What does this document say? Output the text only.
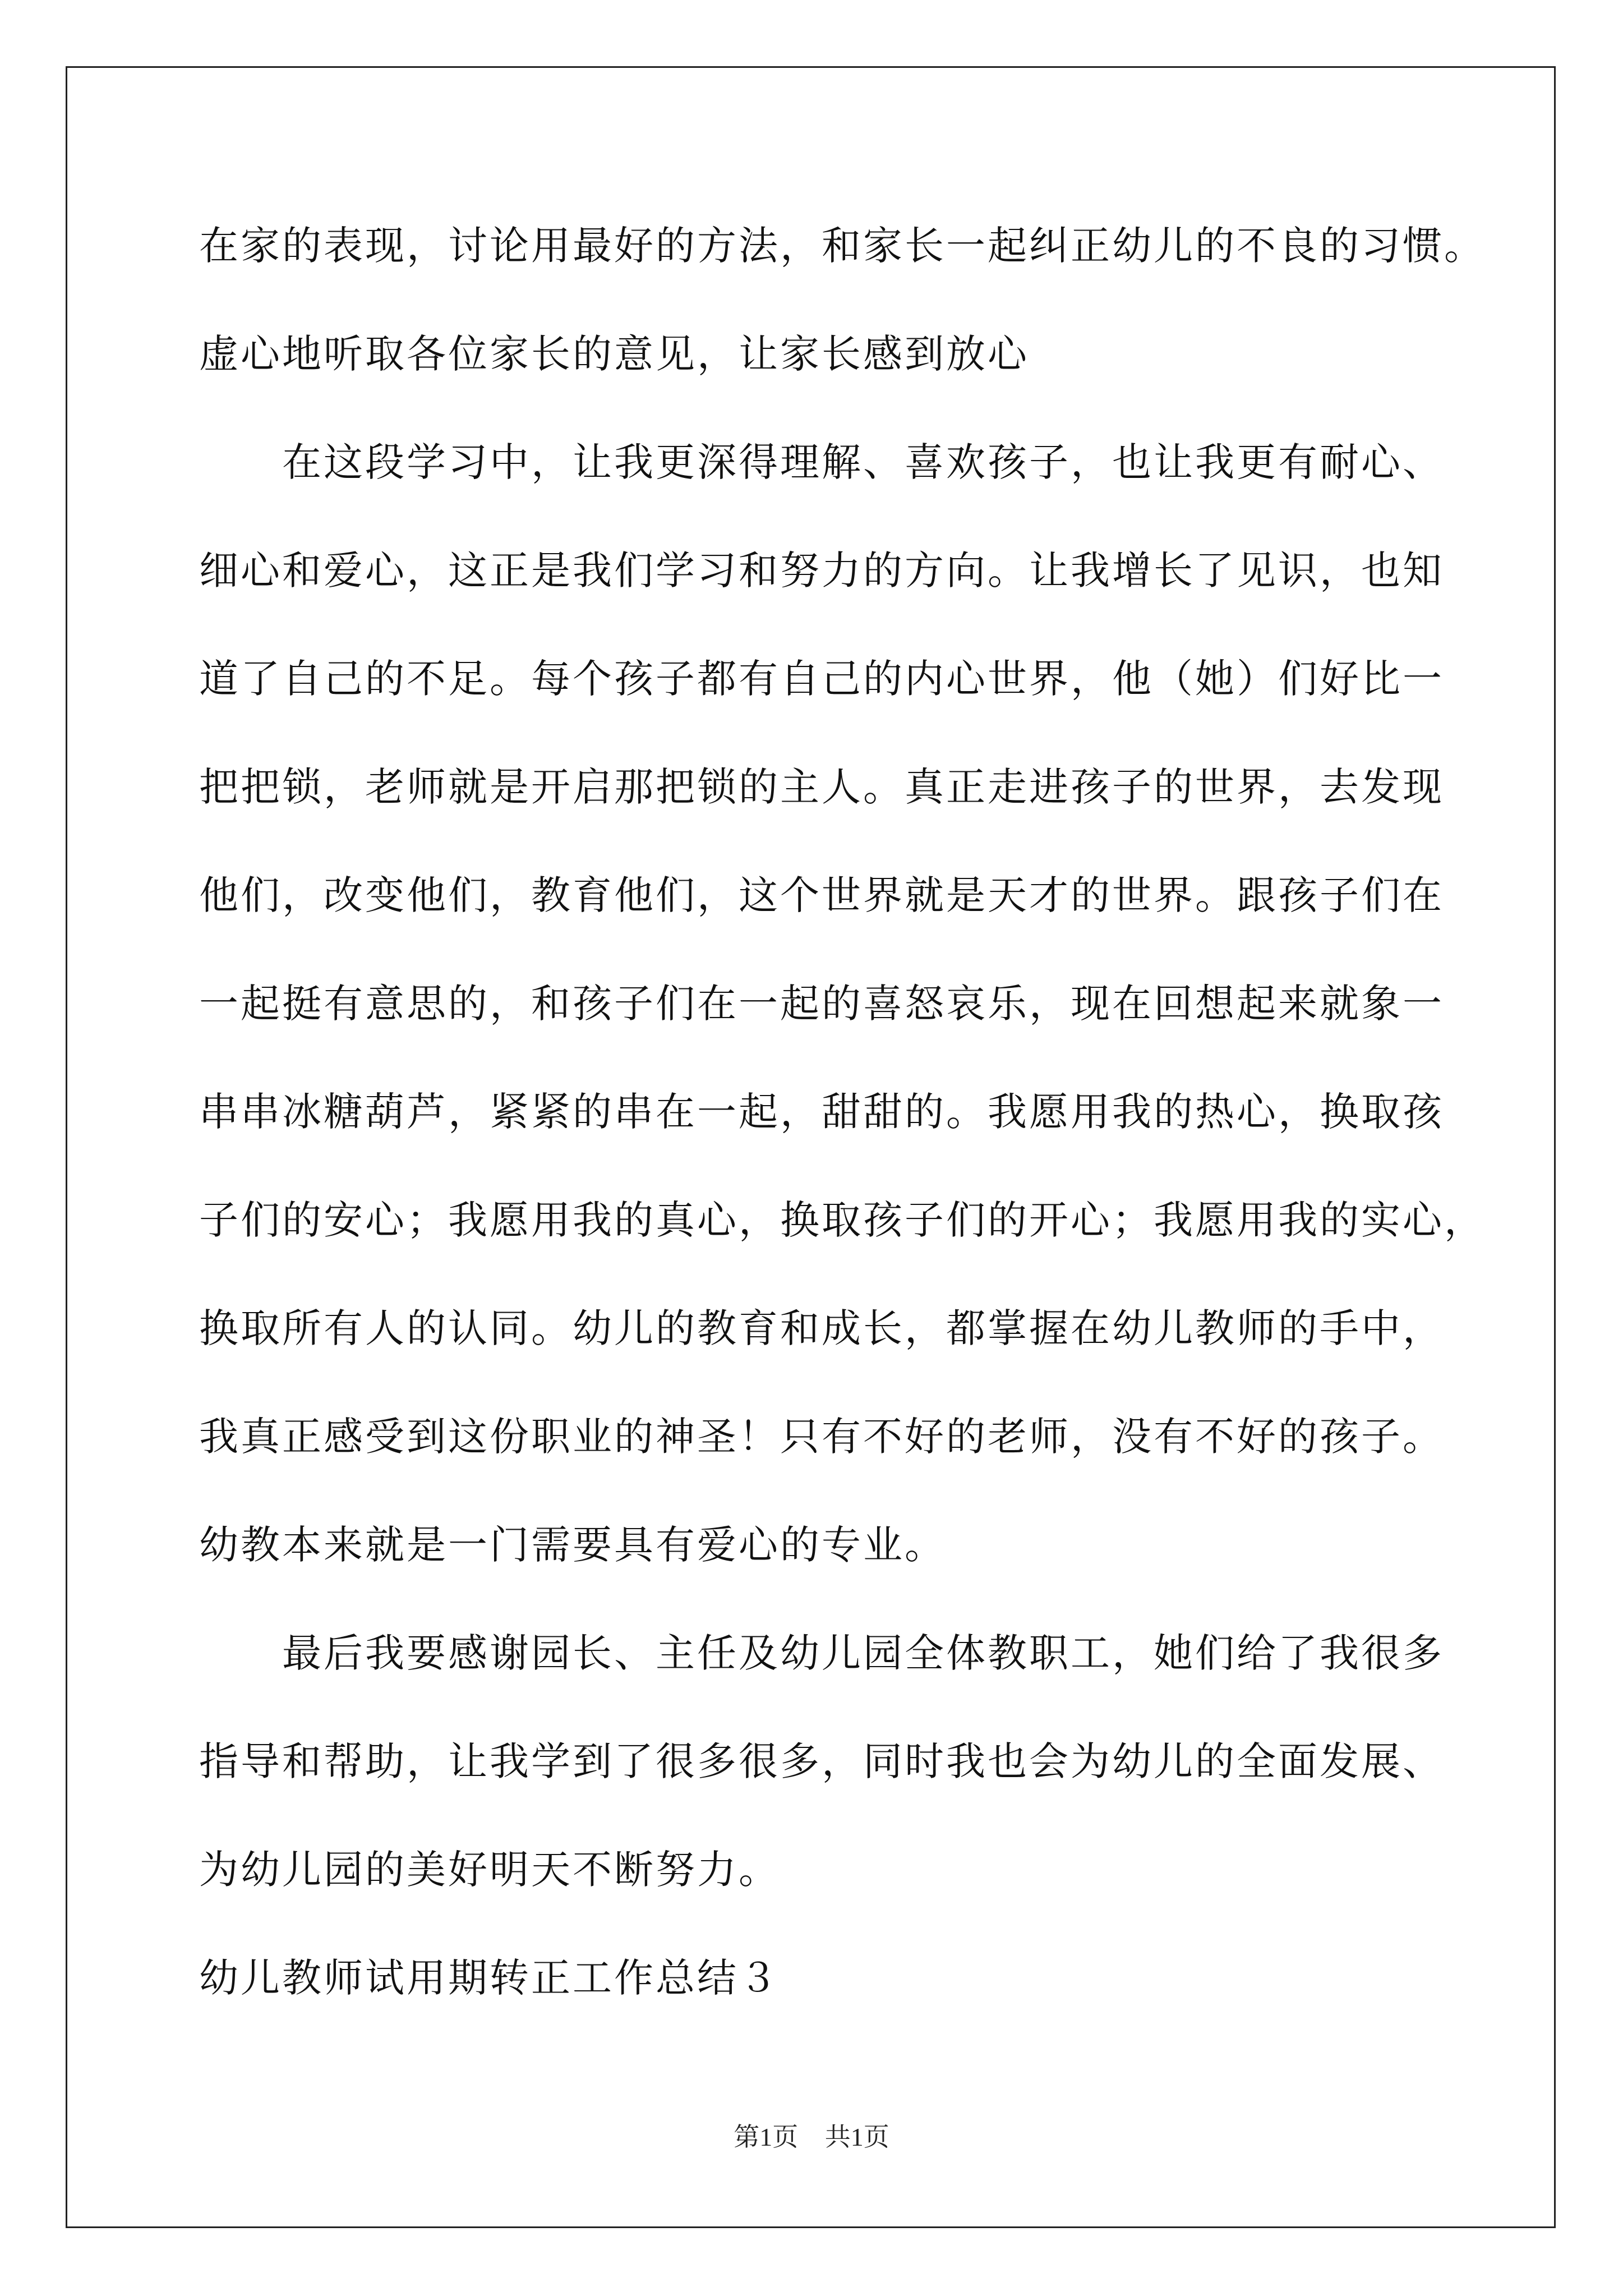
在家的表现，讨论用最好的方法，和家长一起纠正幼儿的不良的习惯。
虚心地听取各位家长的意见，让家长感到放心
　　在这段学习中，让我更深得理解、喜欢孩子，也让我更有耐心、
细心和爱心，这正是我们学习和努力的方向。让我增长了见识，也知
道了自己的不足。每个孩子都有自己的内心世界，他（她）们好比一
把把锁，老师就是开启那把锁的主人。真正走进孩子的世界，去发现
他们，改变他们，教育他们，这个世界就是天才的世界。跟孩子们在
一起挺有意思的，和孩子们在一起的喜怒哀乐，现在回想起来就象一
串串冰糖葫芦，紧紧的串在一起，甜甜的。我愿用我的热心，换取孩
子们的安心；我愿用我的真心，换取孩子们的开心；我愿用我的实心，
换取所有人的认同。幼儿的教育和成长，都掌握在幼儿教师的手中，
我真正感受到这份职业的神圣！只有不好的老师，没有不好的孩子。
幼教本来就是一门需要具有爱心的专业。
　　最后我要感谢园长、主任及幼儿园全体教职工，她们给了我很多
指导和帮助，让我学到了很多很多，同时我也会为幼儿的全面发展、
为幼儿园的美好明天不断努力。
幼儿教师试用期转正工作总结３
第1页 共1页
